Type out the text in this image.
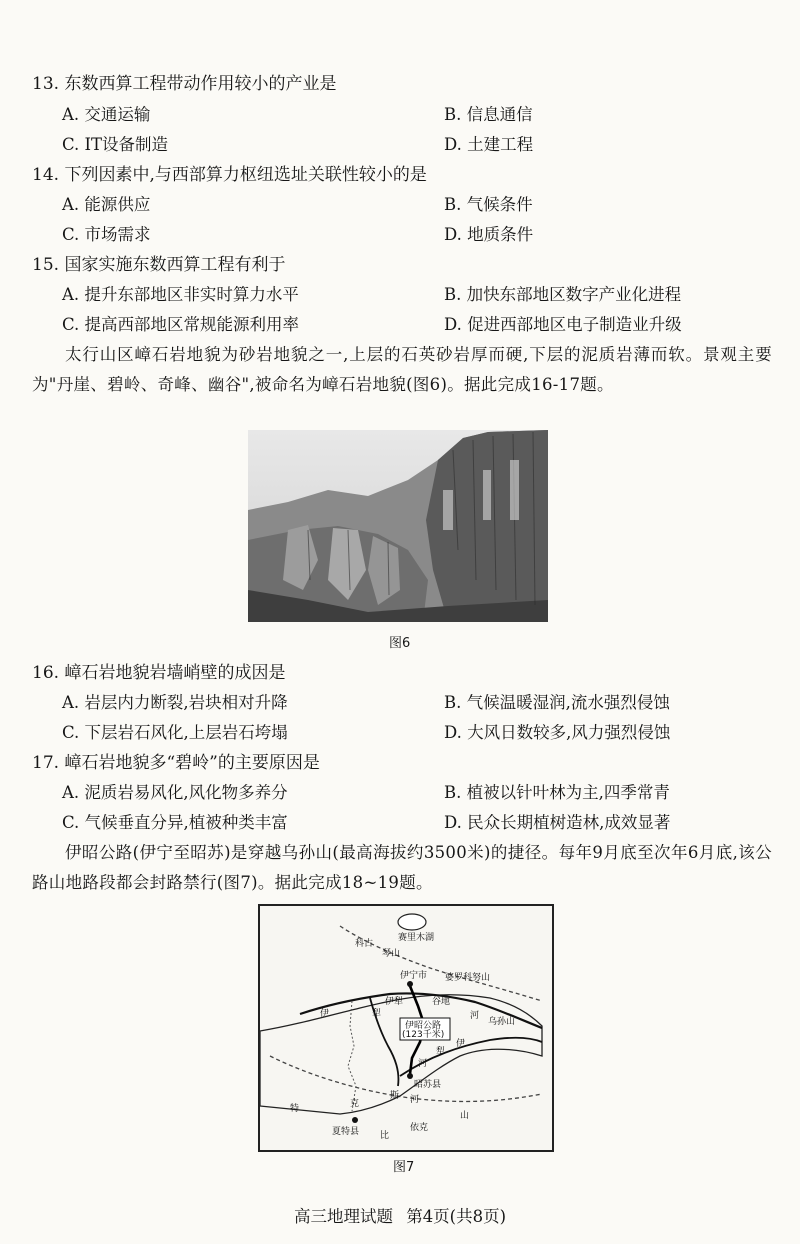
13. 东数西算工程带动作用较小的产业是
A. 交通运输	B. 信息通信
C. IT设备制造	D. 土建工程
14. 下列因素中,与西部算力枢纽选址关联性较小的是
A. 能源供应	B. 气候条件
C. 市场需求	D. 地质条件
15. 国家实施东数西算工程有利于
A. 提升东部地区非实时算力水平	B. 加快东部地区数字产业化进程
C. 提高西部地区常规能源利用率	D. 促进西部地区电子制造业升级
太行山区嶂石岩地貌为砂岩地貌之一,上层的石英砂岩厚而硬,下层的泥质岩薄而软。景观主要为"丹崖、碧岭、奇峰、幽谷",被命名为嶂石岩地貌(图6)。据此完成16-17题。
图6
16. 嶂石岩地貌岩墙峭壁的成因是
A. 岩层内力断裂,岩块相对升降	B. 气候温暖湿润,流水强烈侵蚀
C. 下层岩石风化,上层岩石垮塌	D. 大风日数较多,风力强烈侵蚀
17. 嶂石岩地貌多“碧岭”的主要原因是
A. 泥质岩易风化,风化物多养分	B. 植被以针叶林为主,四季常青
C. 气候垂直分异,植被种类丰富	D. 民众长期植树造林,成效显著
伊昭公路(伊宁至昭苏)是穿越乌孙山(最高海拔约3500米)的捷径。每年9月底至次年6月底,该公路山地路段都会封路禁行(图7)。据此完成18~19题。
赛里木湖
伊昭公路
(123千米)
伊宁市
科古
琴山
婆罗科努山
伊犁	谷地
伊	犁	河
伊
犁
河
昭苏县
夏特县
特	克
斯 河
比
依克
山
乌孙山
图7
高三地理试题 第4页(共8页)
